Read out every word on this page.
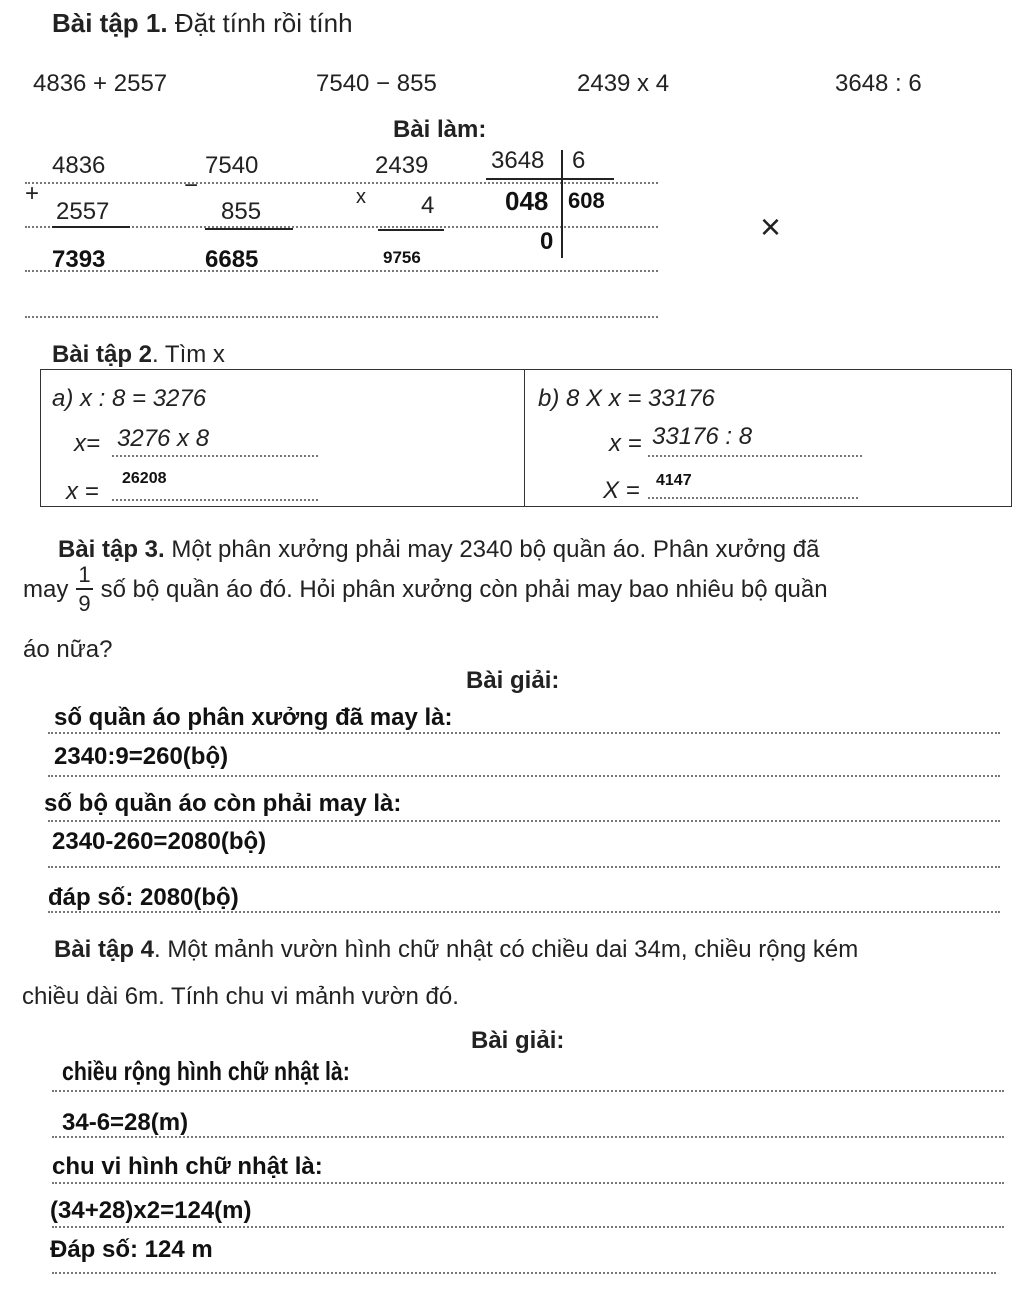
Bài tập 1. Đặt tính rồi tính
4836 + 2557	7540 − 855	2439 x 4	3648 : 6
Bài làm:
4836
+
2557
7393
7540
−
855
6685
2439
x 4
9756
3648 6
048 608
0	×
Bài tập 2. Tìm x
a) x : 8 = 3276
x= 3276 x 8
x = 26208
b) 8 X x = 33176
x = 33176 : 8
X = 4147
Bài tập 3. Một phân xưởng phải may 2340 bộ quần áo. Phân xưởng đã
may $\frac{1}{9}$ số bộ quần áo đó. Hỏi phân xưởng còn phải may bao nhiêu bộ quần
áo nữa?
Bài giải:
số quần áo phân xưởng đã may là:
2340:9=260(bộ)
số bộ quần áo còn phải may là:
2340-260=2080(bộ)
đáp số: 2080(bộ)
Bài tập 4. Một mảnh vườn hình chữ nhật có chiều dai 34m, chiều rộng kém
chiều dài 6m. Tính chu vi mảnh vườn đó.
Bài giải:
chiều rộng hình chữ nhật là:
34-6=28(m)
chu vi hình chữ nhật là:
(34+28)x2=124(m)
Đáp số: 124 m
